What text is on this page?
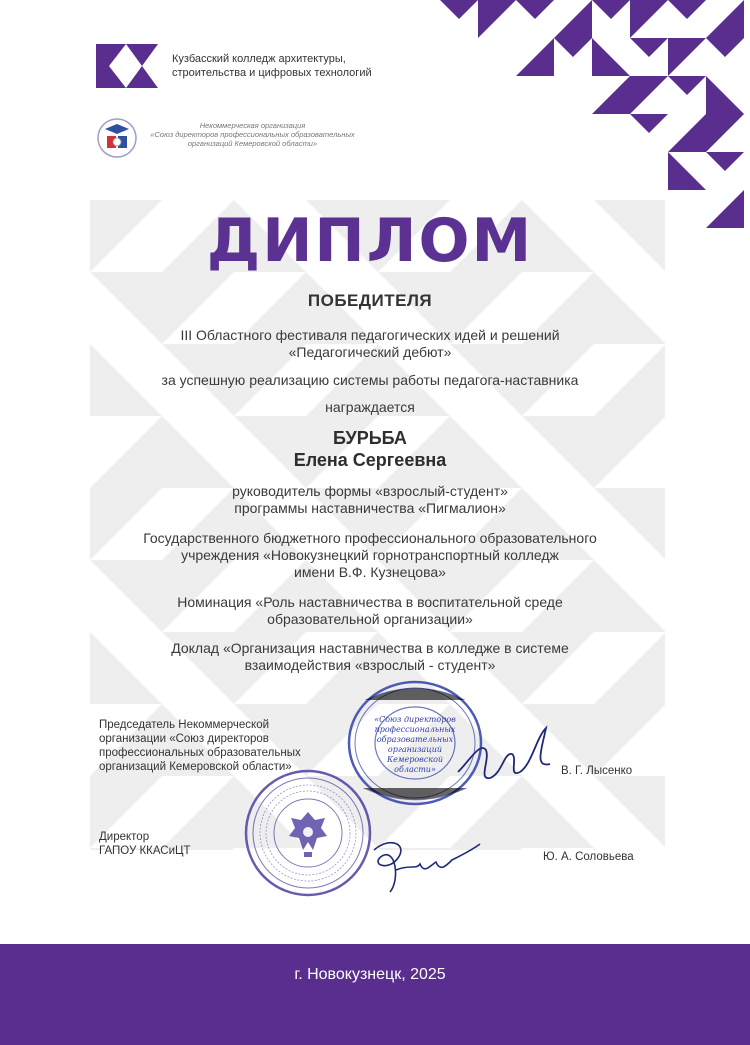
Кузбасский колледж архитектуры,
строительства и цифровых технологий
Некоммерческая организация
«Союз директоров профессиональных образовательных
организаций Кемеровской области»
ДИПЛОМ
ПОБЕДИТЕЛЯ
III Областного фестиваля педагогических идей и решений
«Педагогический дебют»
за успешную реализацию системы работы педагога-наставника
награждается
БУРЬБА
Елена Сергеевна
руководитель формы «взрослый-студент»
программы наставничества «Пигмалион»
Государственного бюджетного профессионального образовательного
учреждения «Новокузнецкий горнотранспортный колледж
имени В.Ф. Кузнецова»
Номинация «Роль наставничества в воспитательной среде
образовательной организации»
Доклад «Организация наставничества в колледже в системе
взаимодействия «взрослый - студент»
Председатель Некоммерческой
организации «Союз директоров
профессиональных образовательных
организаций Кемеровской области»	В. Г. Лысенко
«Союз директоров
профессиональных
образовательных
организаций
Кемеровской
области»
Директор
ГАПОУ ККАСиЦТ	Ю. А. Соловьева
г. Новокузнецк, 2025
